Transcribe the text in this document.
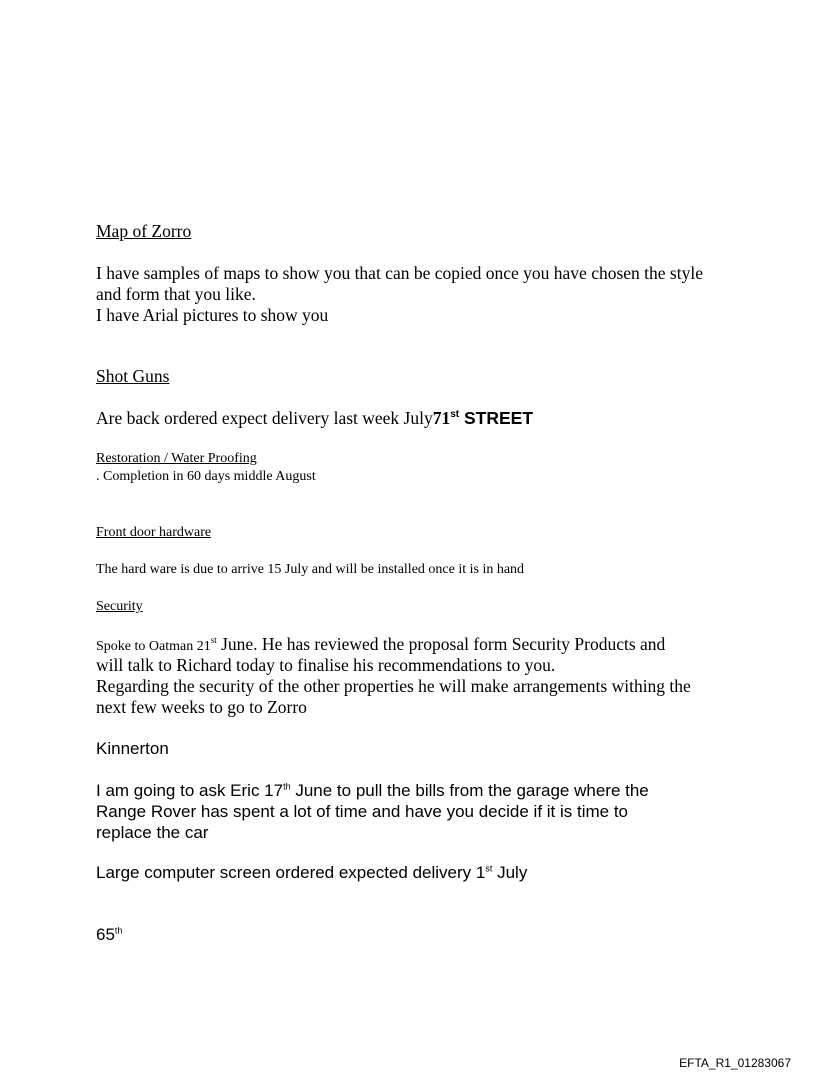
Map of Zorro

I have samples of maps to show you that can be copied once you have chosen the style

and form that you like.

I have Arial pictures to show you

Shot Guns

Are back ordered expect delivery last week July71st STREET

Restoration / Water Proofing

. Completion in 60 days middle August

Front door hardware

The hard ware is due to arrive 15 July and will be installed once it is in hand

Security

Spoke to Oatman 21st June. He has reviewed the proposal form Security Products and

will talk to Richard today to finalise his recommendations to you.

Regarding the security of the other properties he will make arrangements withing the

next few weeks to go to Zorro

Kinnerton

I am going to ask Eric 17th June to pull the bills from the garage where the

Range Rover has spent a lot of time and have you decide if it is time to

replace the car

Large computer screen ordered expected delivery 1st July

65th

EFTA_R1_01283067
